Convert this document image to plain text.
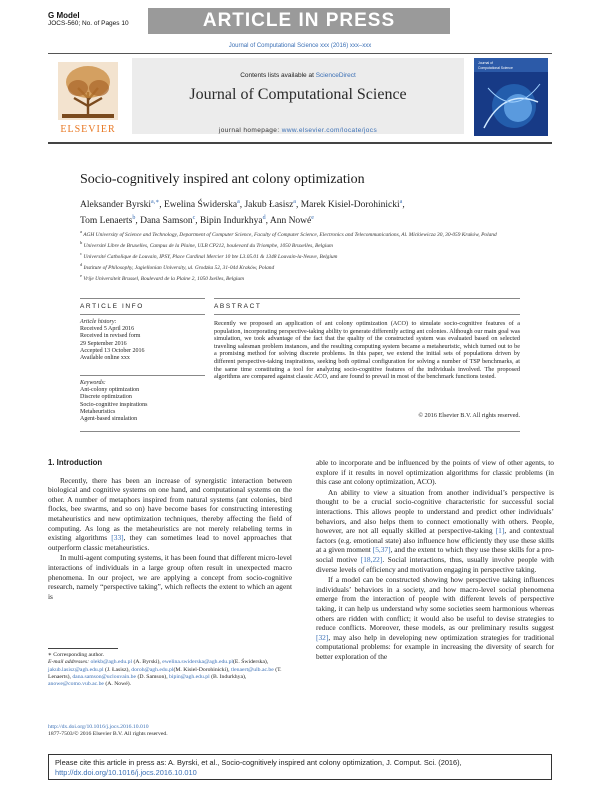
G Model
JOCS-560; No. of Pages 10	ARTICLE IN PRESS
Journal of Computational Science xxx (2016) xxx–xxx
ELSEVIER
Contents lists available at ScienceDirect
Journal of Computational Science
journal homepage: www.elsevier.com/locate/jocs
Journal of
Computational Science
Socio-cognitively inspired ant colony optimization
Aleksander Byrski$^{a,∗}$, Ewelina Świderska$^a$, Jakub Łasisz$^a$, Marek Kisiel-Dorohinicki$^a$,
Tom Lenaerts$^b$, Dana Samson$^c$, Bipin Indurkhya$^d$, Ann Nowé$^e$
$^a$ AGH University of Science and Technology, Department of Computer Science, Faculty of Computer Science, Electronics and Telecommunications, Al. Mickiewicza 30, 30-059 Kraków, Poland
$^b$ Université Libre de Bruxelles, Campus de la Plaine, ULB CP212, boulevard du Triomphe, 1050 Bruxelles, Belgium
$^c$ Université Catholique de Louvain, IPSY, Place Cardinal Mercier 10 bte L3.05.01 & 1348 Louvain-la-Neuve, Belgium
$^d$ Institute of Philosophy, Jagiellonian University, ul. Grodzka 52, 31-044 Kraków, Poland
$^e$ Vrije Universiteit Brussel, Boulevard de la Plaine 2, 1050 Ixelles, Belgium
ARTICLE INFO	ABSTRACT
Article history:
Received 5 April 2016
Received in revised form
29 September 2016
Accepted 13 October 2016
Available online xxx
Keywords:
Ant-colony optimization
Discrete optimization
Socio-cognitive inspirations
Metaheuristics
Agent-based simulation
Recently we proposed an application of ant colony optimization (ACO) to simulate socio-cognitive features of a population, incorporating perspective-taking ability to generate differently acting ant colonies. Although our main goal was simulation, we took advantage of the fact that the quality of the constructed system was evaluated based on selected traveling salesman problem instances, and the resulting computing system became a metaheuristic, which turned out to be a promising method for solving discrete problems. In this paper, we extend the initial sets of populations driven by different perspective-taking inspirations, seeking both optimal configuration for solving a number of TSP benchmarks, at the same time constituting a tool for analyzing socio-cognitive features of the individuals involved. The proposed algorithms are compared against classic ACO, and are found to prevail in most of the benchmark functions tested.
© 2016 Elsevier B.V. All rights reserved.
1. Introduction

Recently, there has been an increase of synergistic interaction between biological and cognitive systems on one hand, and computational systems on the other. A number of metaphors inspired from natural systems (ant colonies, bird flocks, bee swarms, and so on) have become bases for constructing interesting metaheuristics and new optimization techniques, thereby affecting the field of computing. As long as the metaheuristics are not merely relabeling terms in existing algorithms [33], they can sometimes lead to novel approaches that outperform classic metaheuristics.

In multi-agent computing systems, it has been found that different micro-level interactions of individuals in a large group often result in unexpected macro phenomena. In our project, we are applying a concept from socio-cognitive research, namely “perspective taking”, which reflects the extent to which an agent is

able to incorporate and be influenced by the points of view of other agents, to explore if it results in novel optimization algorithms for classic problems (in this case ant colony optimization, ACO).

An ability to view a situation from another individual’s perspective is thought to be a crucial socio-cognitive characteristic for successful social interactions. This allows people to understand and predict other individuals’ behaviors, and also helps them to connect emotionally with others. People, however, are not all equally skilled at perspective-taking [1], and contextual factors (e.g. emotional state) also influence how efficiently they use these skills at a given moment [5,37], and the extent to which they use these skills for a pro-social motive [18,22]. Social interactions, thus, usually involve people with diverse levels of efficiency and motivation engaging in perspective taking.

If a model can be constructed showing how perspective taking influences individuals’ behaviors in a society, and how macro-level social phenomena emerge from the interaction of people with different levels of perspective taking, it can help us understand why some societies seem harmonious whereas others are ridden with conflict; it would also be useful to devise strategies to reduce conflicts. Moreover, these models, as our preliminary results suggest [32], may also help in developing new optimization strategies for traditional computational problems: for example in increasing the diversity of search for better exploration of the

∗ Corresponding author.
E-mail addresses: olekb@agh.edu.pl (A. Byrski), ewelina.swiderska@agh.edu.pl(E. Świderska), jakub.lasisz@agh.edu.pl (J. Łasisz), doroh@agh.edu.pl(M. Kisiel-Dorohinicki), tlenaert@ulb.ac.be (T. Lenaerts), dana.samson@uclouvain.be (D. Samson), bipin@agh.edu.pl (B. Indurkhya), anowe@como.vub.ac.be (A. Nowé).
http://dx.doi.org/10.1016/j.jocs.2016.10.010
1877-7503/© 2016 Elsevier B.V. All rights reserved.
Please cite this article in press as: A. Byrski, et al., Socio-cognitively inspired ant colony optimization, J. Comput. Sci. (2016), http://dx.doi.org/10.1016/j.jocs.2016.10.010
